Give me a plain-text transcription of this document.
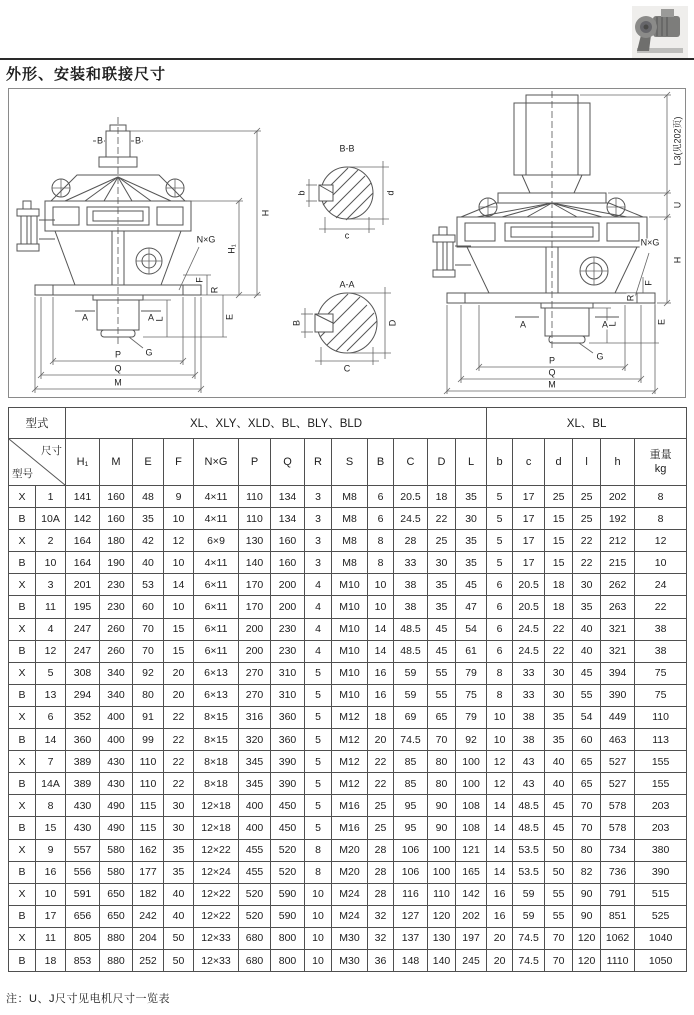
外形、安装和联接尺寸
B	B
H
H₁
N×G
F
R
E
A	A L
G
P
Q
M
B-B
b
c
d
A-A
B
C
D
L3(见202页)
U
H
N×G
F
R
E
A	A L
G
P
Q
M
型式		XL、XLY、XLD、BL、BLY、BLD													XL、BL					

尺寸
型号
	H₁	M	E	F	N×G	P	Q	R	S	B	C	D	L	b	c	d	l	h	
重量
kg

X	1	141	160	48	9	4×11	110	134	3	M8	6	20.5	18	35	5	17	25	25	202	8
B	10A	142	160	35	10	4×11	110	134	3	M8	6	24.5	22	30	5	17	15	25	192	8
X	2	164	180	42	12	6×9	130	160	3	M8	8	28	25	35	5	17	15	22	212	12
B	10	164	190	40	10	4×11	140	160	3	M8	8	33	30	35	5	17	15	22	215	10
X	3	201	230	53	14	6×11	170	200	4	M10	10	38	35	45	6	20.5	18	30	262	24
B	11	195	230	60	10	6×11	170	200	4	M10	10	38	35	47	6	20.5	18	35	263	22
X	4	247	260	70	15	6×11	200	230	4	M10	14	48.5	45	54	6	24.5	22	40	321	38
B	12	247	260	70	15	6×11	200	230	4	M10	14	48.5	45	61	6	24.5	22	40	321	38
X	5	308	340	92	20	6×13	270	310	5	M10	16	59	55	79	8	33	30	45	394	75
B	13	294	340	80	20	6×13	270	310	5	M10	16	59	55	75	8	33	30	55	390	75
X	6	352	400	91	22	8×15	316	360	5	M12	18	69	65	79	10	38	35	54	449	110
B	14	360	400	99	22	8×15	320	360	5	M12	20	74.5	70	92	10	38	35	60	463	113
X	7	389	430	110	22	8×18	345	390	5	M12	22	85	80	100	12	43	40	65	527	155
B	14A	389	430	110	22	8×18	345	390	5	M12	22	85	80	100	12	43	40	65	527	155
X	8	430	490	115	30	12×18	400	450	5	M16	25	95	90	108	14	48.5	45	70	578	203
B	15	430	490	115	30	12×18	400	450	5	M16	25	95	90	108	14	48.5	45	70	578	203
X	9	557	580	162	35	12×22	455	520	8	M20	28	106	100	121	14	53.5	50	80	734	380
B	16	556	580	177	35	12×24	455	520	8	M20	28	106	100	165	14	53.5	50	82	736	390
X	10	591	650	182	40	12×22	520	590	10	M24	28	116	110	142	16	59	55	90	791	515
B	17	656	650	242	40	12×22	520	590	10	M24	32	127	120	202	16	59	55	90	851	525
X	11	805	880	204	50	12×33	680	800	10	M30	32	137	130	197	20	74.5	70	120	1062	1040
B	18	853	880	252	50	12×33	680	800	10	M30	36	148	140	245	20	74.5	70	120	1110	1050
注：U、J尺寸见电机尺寸一览表
